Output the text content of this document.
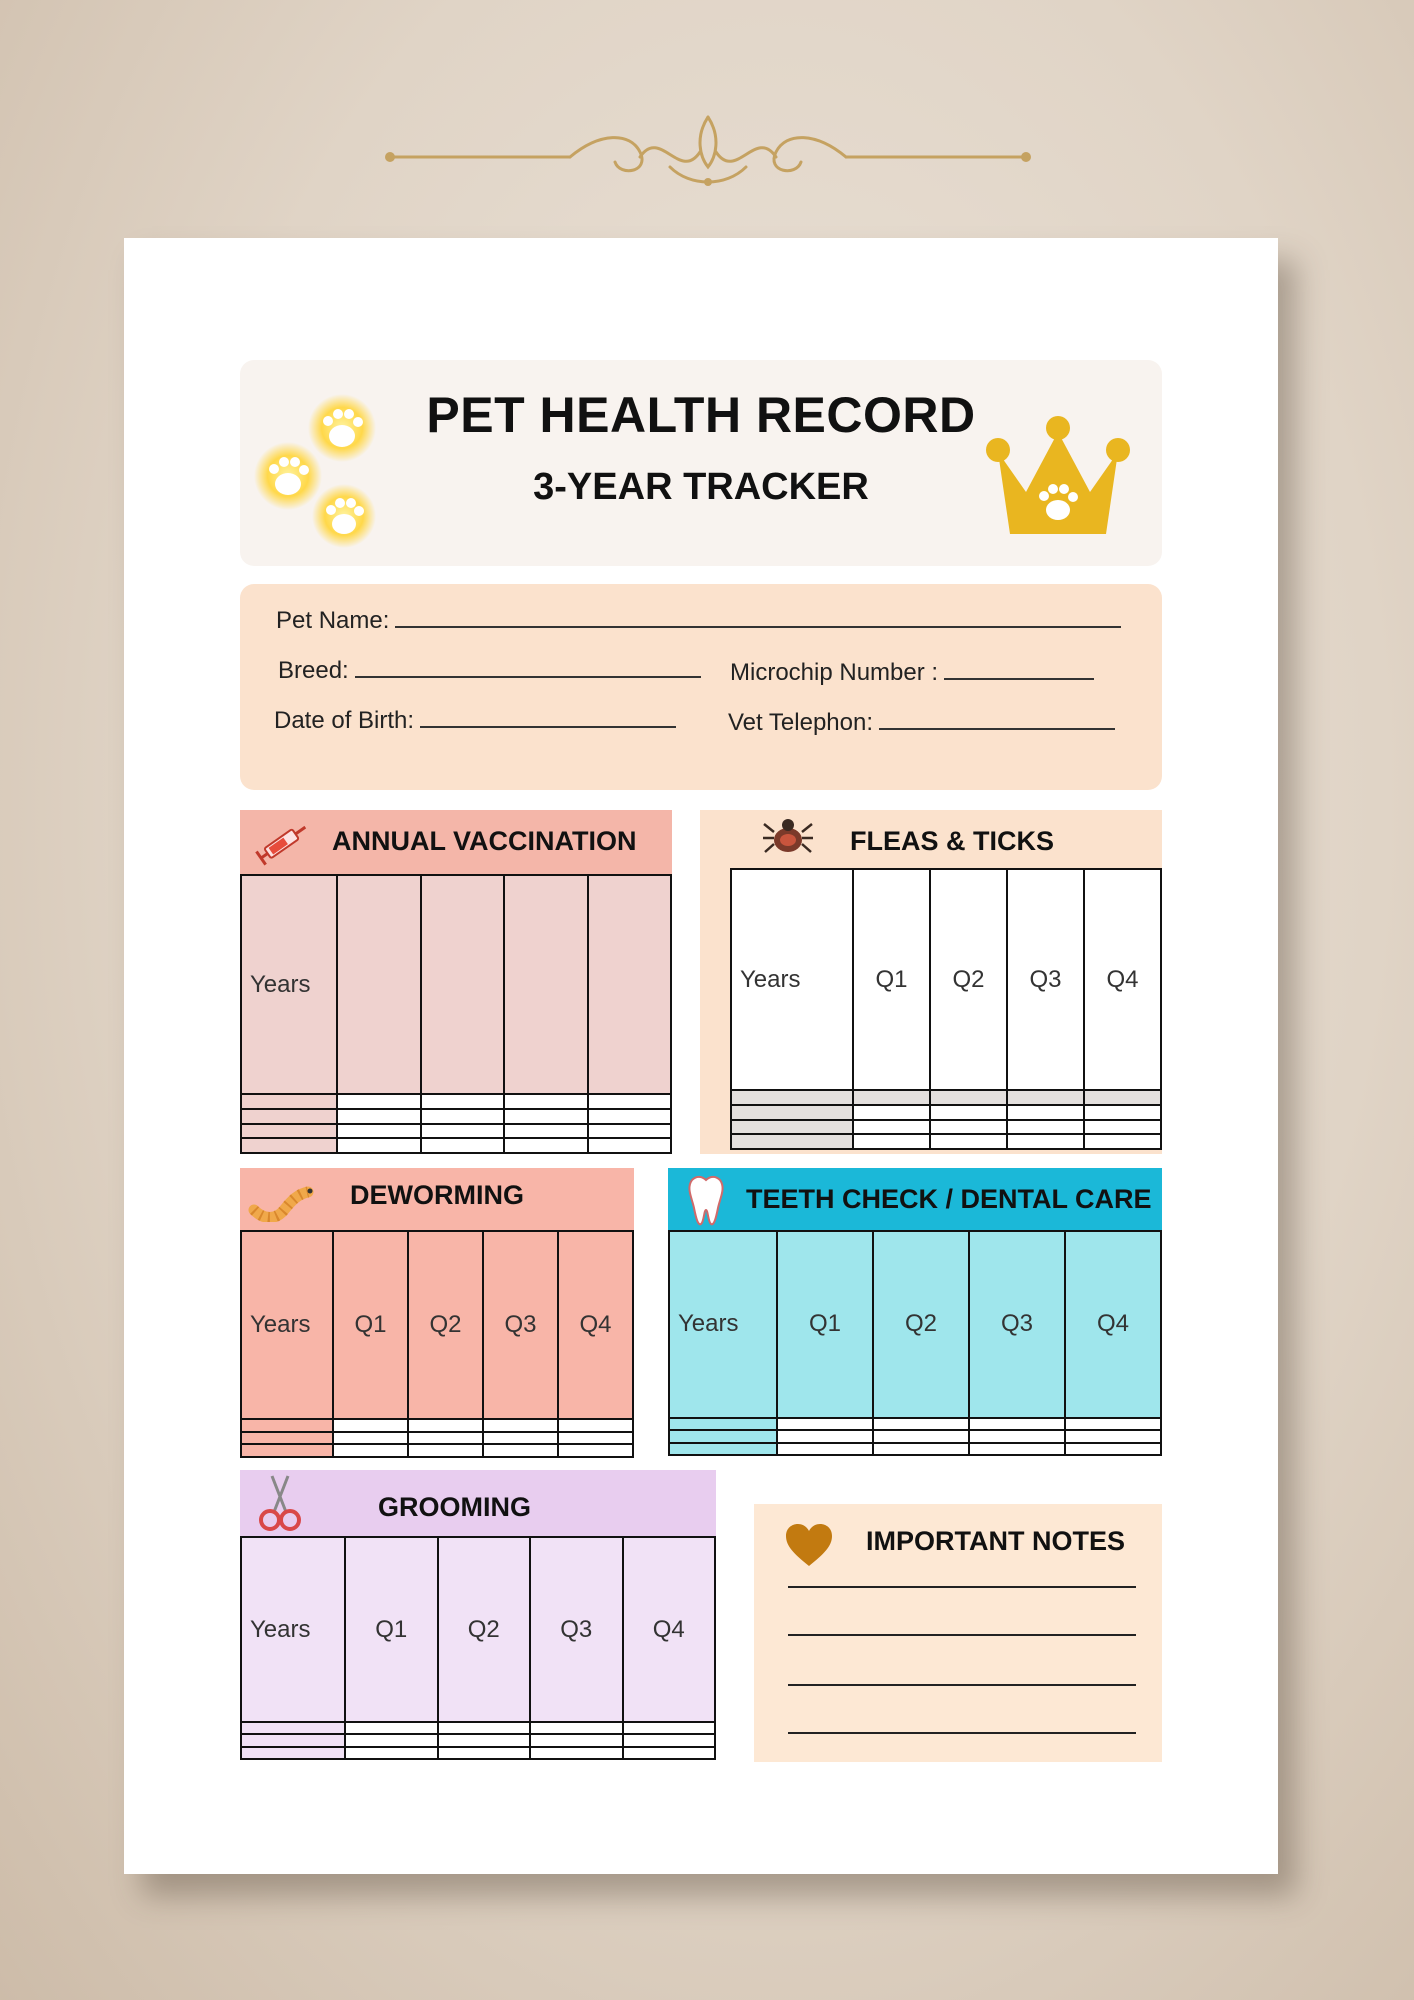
PET HEALTH RECORD
3-YEAR TRACKER
Pet Name:
Breed:	Microchip Number :
Date of Birth:	Vet Telephon:
ANNUAL VACCINATION
Years				

FLEAS & TICKS
Years	Q1	Q2	Q3	Q4

DEWORMING
Years	Q1	Q2	Q3	Q4

TEETH CHECK / DENTAL CARE
Years	Q1	Q2	Q3	Q4

GROOMING
Years	Q1	Q2	Q3	Q4

IMPORTANT NOTES
